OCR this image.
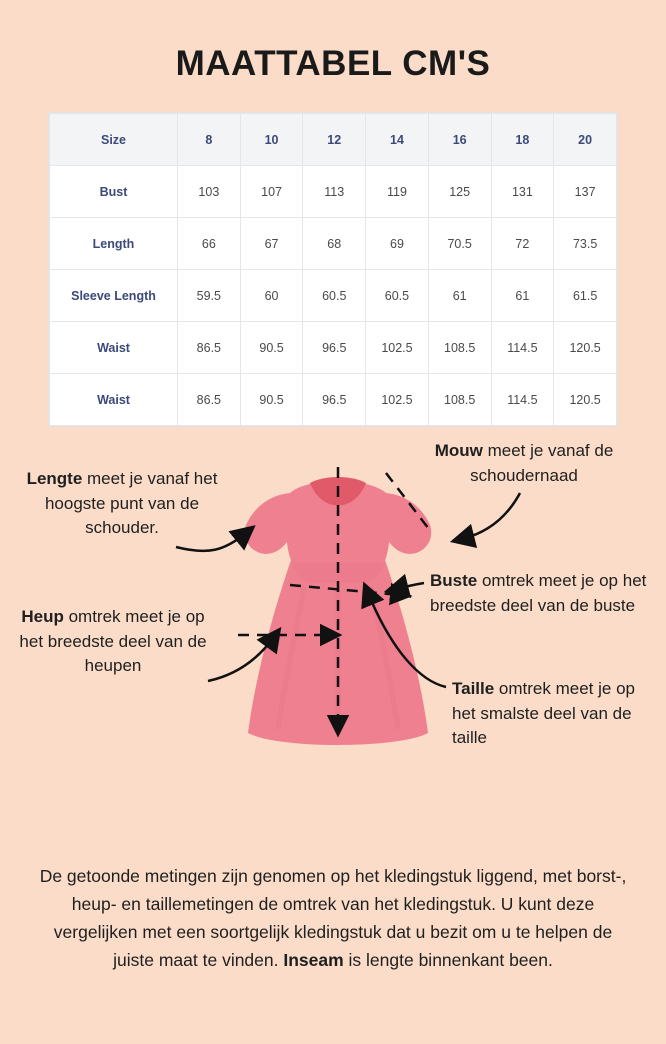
MAATTABEL CM'S
Size	8	10	12	14	16	18	20
Bust	103	107	113	119	125	131	137
Length	66	67	68	69	70.5	72	73.5
Sleeve Length	59.5	60	60.5	60.5	61	61	61.5
Waist	86.5	90.5	96.5	102.5	108.5	114.5	120.5
Waist	86.5	90.5	96.5	102.5	108.5	114.5	120.5
Mouw meet je vanaf de schoudernaad
Lengte meet je vanaf het hoogste punt van de schouder.
Buste omtrek meet je op het breedste deel van de buste
Heup omtrek meet je op het breedste deel van de heupen
Taille omtrek meet je op het smalste deel van de taille
De getoonde metingen zijn genomen op het kledingstuk liggend, met borst-, heup- en taillemetingen de omtrek van het kledingstuk. U kunt deze vergelijken met een soortgelijk kledingstuk dat u bezit om u te helpen de juiste maat te vinden. Inseam is lengte binnenkant been.
